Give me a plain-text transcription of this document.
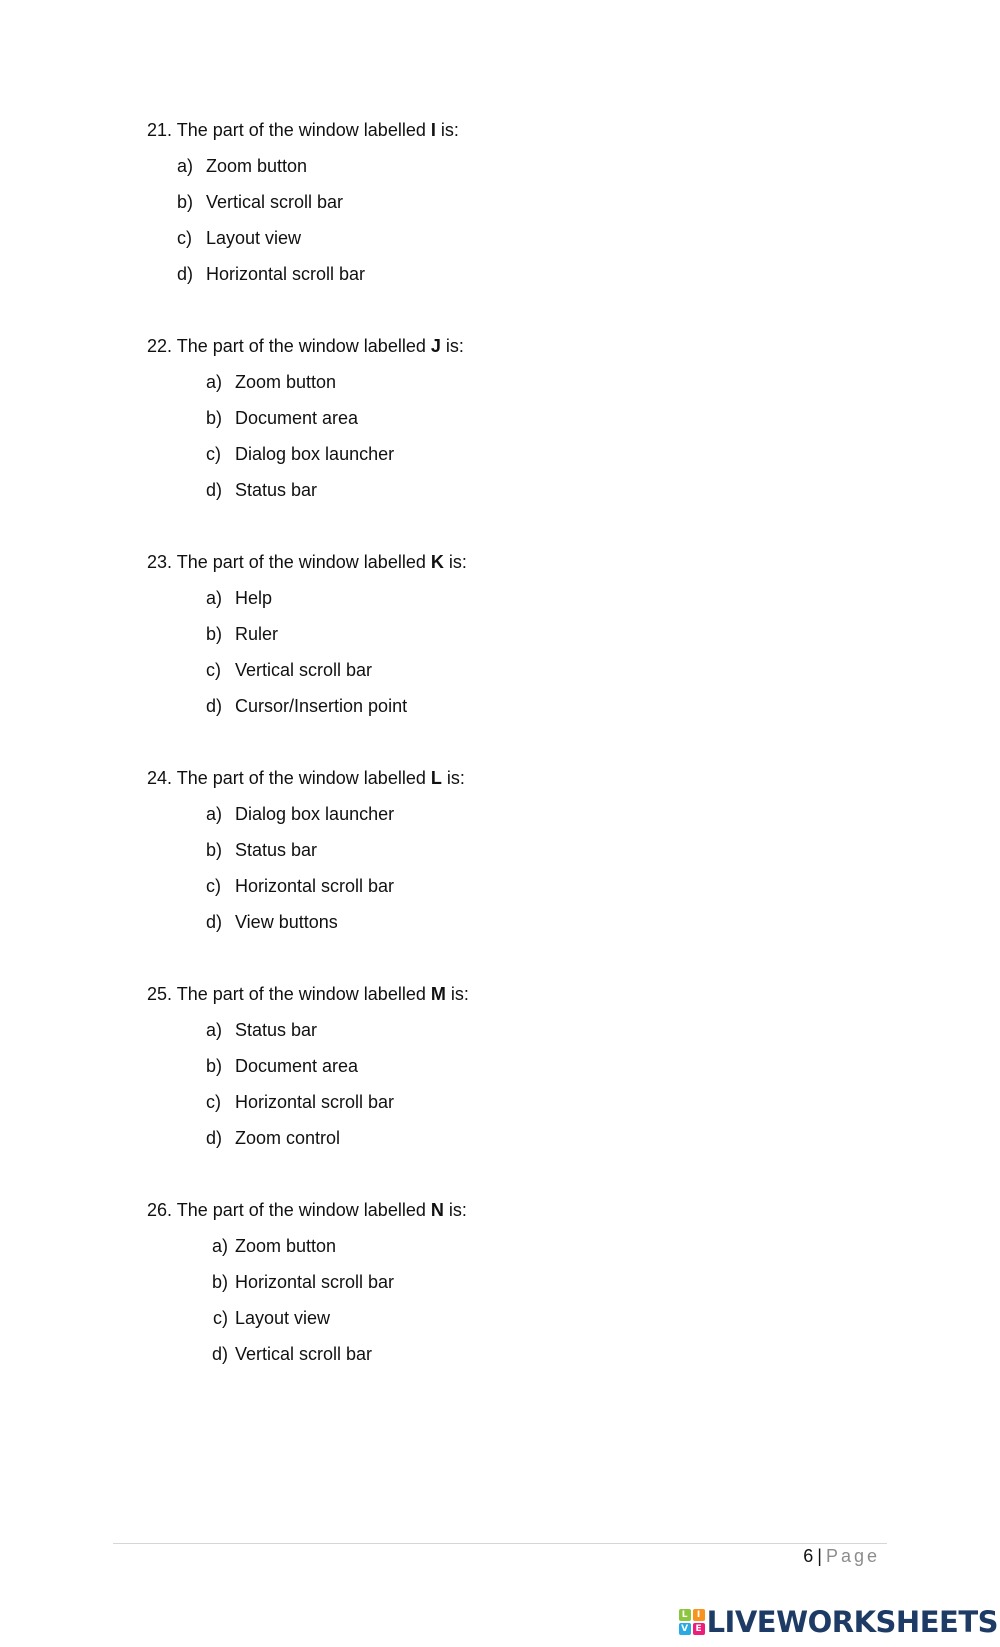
21. The part of the window labelled I is:
a) Zoom button
b) Vertical scroll bar
c) Layout view
d) Horizontal scroll bar
22. The part of the window labelled J is:
a) Zoom button
b) Document area
c) Dialog box launcher
d) Status bar
23. The part of the window labelled K is:
a) Help
b) Ruler
c) Vertical scroll bar
d) Cursor/Insertion point
24. The part of the window labelled L is:
a) Dialog box launcher
b) Status bar
c) Horizontal scroll bar
d) View buttons
25. The part of the window labelled M is:
a) Status bar
b) Document area
c) Horizontal scroll bar
d) Zoom control
26. The part of the window labelled N is:
a) Zoom button
b) Horizontal scroll bar
c) Layout view
d) Vertical scroll bar
6 | Page
L	I
V E LIVEWORKSHEETS
